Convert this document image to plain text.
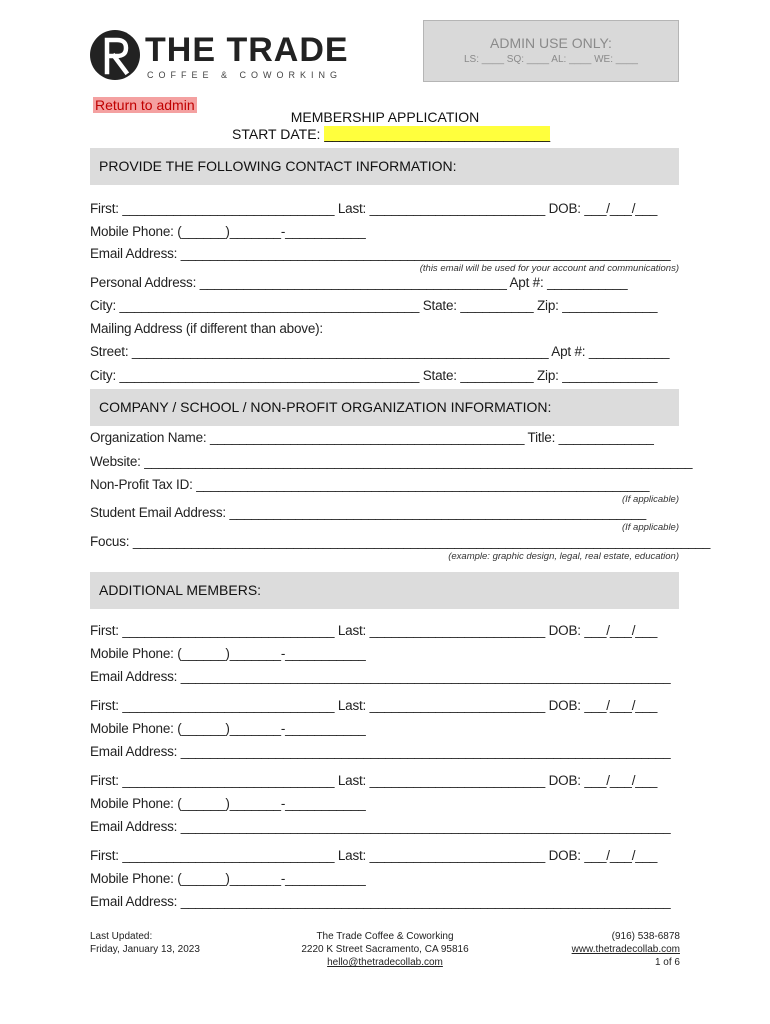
THE TRADE
COFFEE & COWORKING
ADMIN USE ONLY:
LS: ____ SQ: ____ AL: ____ WE: ____
Return to admin
MEMBERSHIP APPLICATION
START DATE: _____________________________
PROVIDE THE FOLLOWING CONTACT INFORMATION:
First: _____________________________ Last: ________________________ DOB: ___/___/___
Mobile Phone: (______)_______-___________
Email Address: ___________________________________________________________________
(this email will be used for your account and communications)
Personal Address: __________________________________________ Apt #: ___________
City: _________________________________________ State: __________ Zip: _____________
Mailing Address (if different than above):
Street: _________________________________________________________ Apt #: ___________
City: _________________________________________ State: __________ Zip: _____________
COMPANY / SCHOOL / NON-PROFIT ORGANIZATION INFORMATION:
Organization Name: ___________________________________________ Title: _____________
Website: ___________________________________________________________________________
Non-Profit Tax ID: ______________________________________________________________
(If applicable)
Student Email Address: _________________________________________________________
(If applicable)
Focus: _______________________________________________________________________________
(example: graphic design, legal, real estate, education)
ADDITIONAL MEMBERS:
First: _____________________________ Last: ________________________ DOB: ___/___/___
Mobile Phone: (______)_______-___________
Email Address: ___________________________________________________________________
First: _____________________________ Last: ________________________ DOB: ___/___/___
Mobile Phone: (______)_______-___________
Email Address: ___________________________________________________________________
First: _____________________________ Last: ________________________ DOB: ___/___/___
Mobile Phone: (______)_______-___________
Email Address: ___________________________________________________________________
First: _____________________________ Last: ________________________ DOB: ___/___/___
Mobile Phone: (______)_______-___________
Email Address: ___________________________________________________________________
Last Updated:
Friday, January 13, 2023
The Trade Coffee & Coworking
2220 K Street Sacramento, CA 95816
hello@thetradecollab.com
(916) 538-6878
www.thetradecollab.com
1 of 6
